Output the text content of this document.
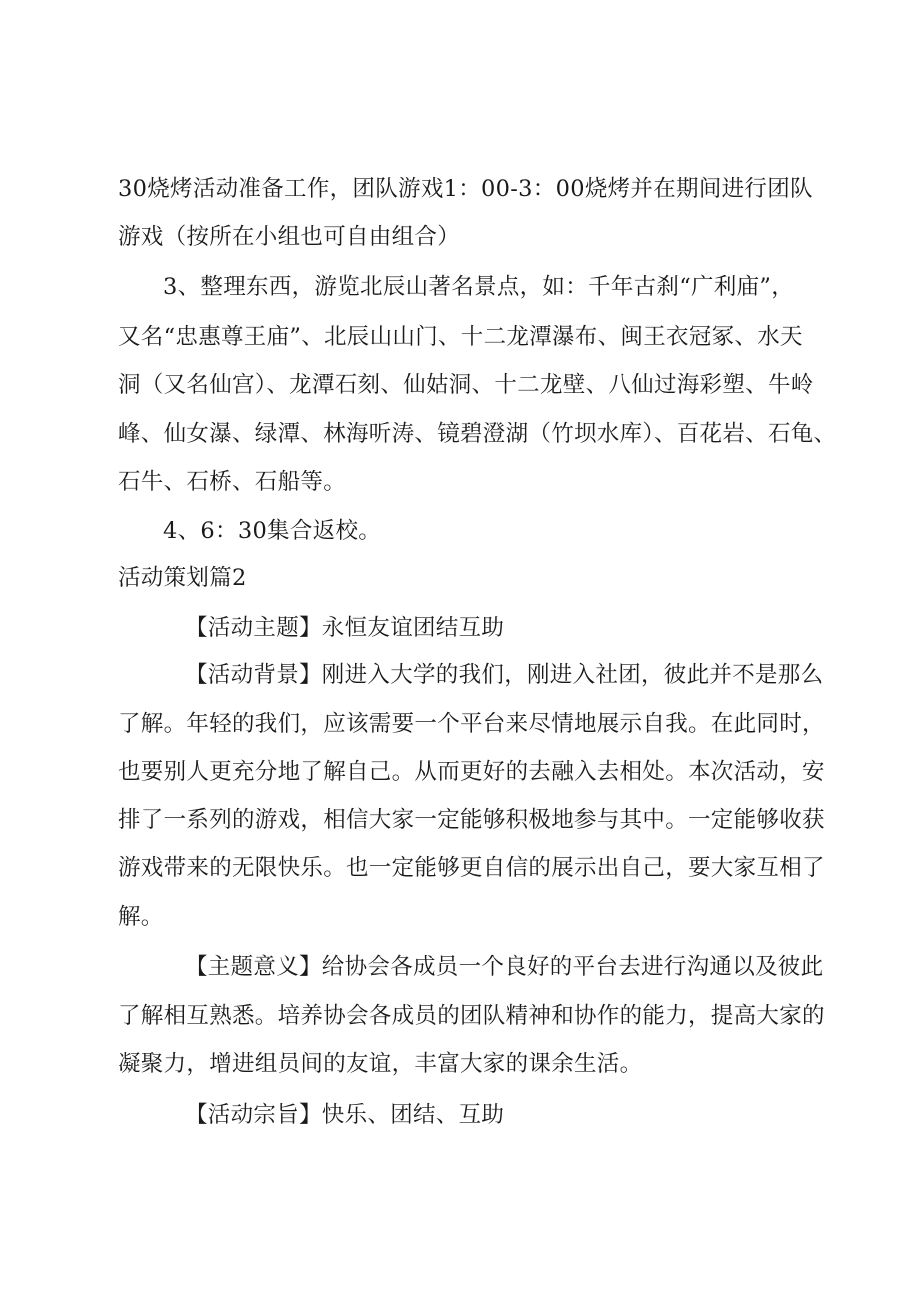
30烧烤活动准备工作，团队游戏1：00-3：00烧烤并在期间进行团队
游戏（按所在小组也可自由组合）
3、整理东西，游览北辰山著名景点，如：千年古刹“广利庙”，
又名“忠惠尊王庙”、北辰山山门、十二龙潭瀑布、闽王衣冠冢、水天
洞（又名仙宫）、龙潭石刻、仙姑洞、十二龙壁、八仙过海彩塑、牛岭
峰、仙女瀑、绿潭、林海听涛、镜碧澄湖（竹坝水库）、百花岩、石龟、
石牛、石桥、石船等。
4、6：30集合返校。
活动策划篇2
【活动主题】永恒友谊团结互助
【活动背景】刚进入大学的我们，刚进入社团，彼此并不是那么
了解。年轻的我们，应该需要一个平台来尽情地展示自我。在此同时，
也要别人更充分地了解自己。从而更好的去融入去相处。本次活动，安
排了一系列的游戏，相信大家一定能够积极地参与其中。一定能够收获
游戏带来的无限快乐。也一定能够更自信的展示出自己，要大家互相了
解。
【主题意义】给协会各成员一个良好的平台去进行沟通以及彼此
了解相互熟悉。培养协会各成员的团队精神和协作的能力，提高大家的
凝聚力，增进组员间的友谊，丰富大家的课余生活。
【活动宗旨】快乐、团结、互助
